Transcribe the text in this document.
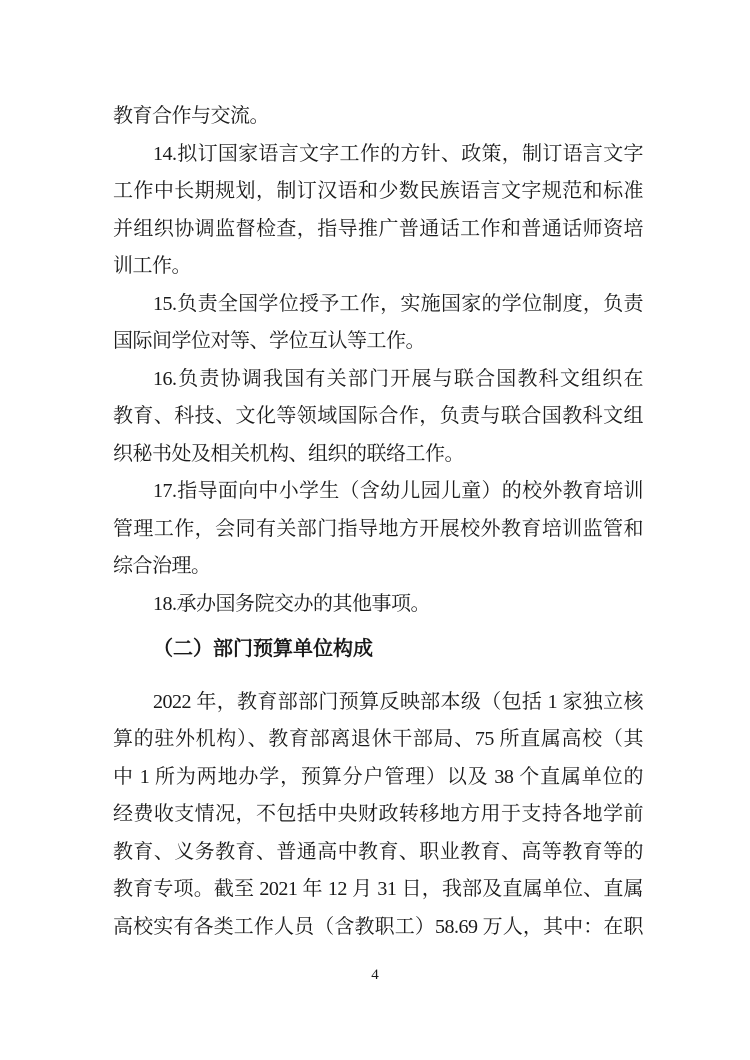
教育合作与交流。
14.拟订国家语言文字工作的方针、政策，制订语言文字
工作中长期规划，制订汉语和少数民族语言文字规范和标准
并组织协调监督检查，指导推广普通话工作和普通话师资培
训工作。
15.负责全国学位授予工作，实施国家的学位制度，负责
国际间学位对等、学位互认等工作。
16.负责协调我国有关部门开展与联合国教科文组织在
教育、科技、文化等领域国际合作，负责与联合国教科文组
织秘书处及相关机构、组织的联络工作。
17.指导面向中小学生（含幼儿园儿童）的校外教育培训
管理工作，会同有关部门指导地方开展校外教育培训监管和
综合治理。
18.承办国务院交办的其他事项。
（二）部门预算单位构成
2022 年，教育部部门预算反映部本级（包括 1 家独立核
算的驻外机构）、教育部离退休干部局、75 所直属高校（其
中 1 所为两地办学，预算分户管理）以及 38 个直属单位的
经费收支情况，不包括中央财政转移地方用于支持各地学前
教育、义务教育、普通高中教育、职业教育、高等教育等的
教育专项。截至 2021 年 12 月 31 日，我部及直属单位、直属
高校实有各类工作人员（含教职工）58.69 万人，其中：在职
4
